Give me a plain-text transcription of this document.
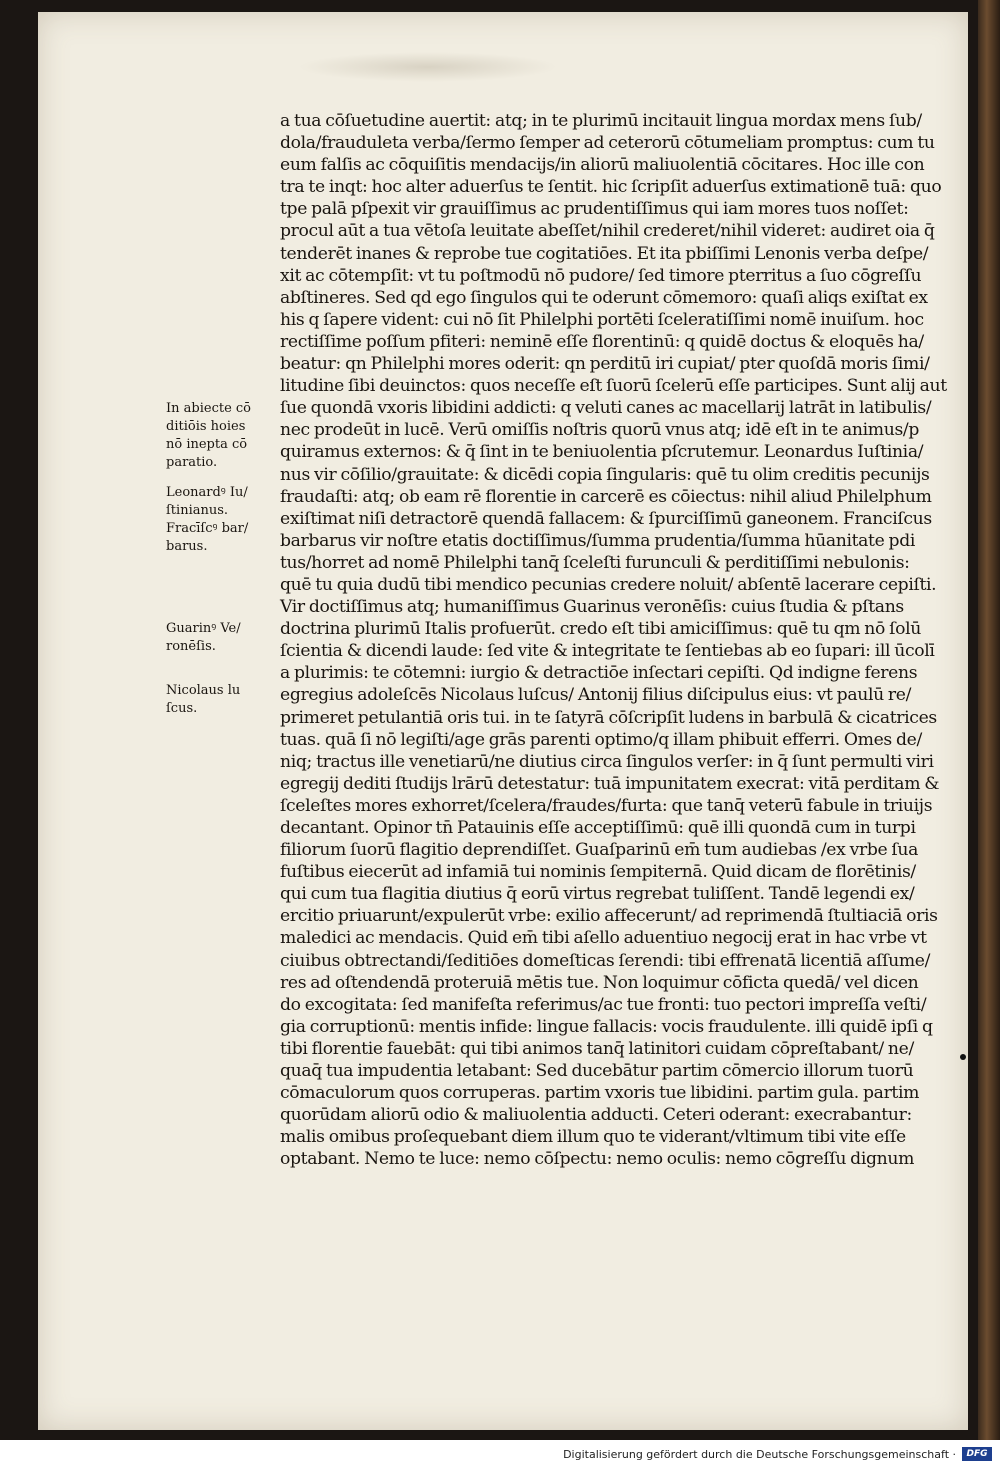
a tua cōſuetudine auertit: atq; in te plurimū incitauit lingua mordax mens ſub/
dola/frauduleta verba/ſermo ſemper ad ceterorū cōtumeliam promptus: cum tu
eum falſis ac cōquiſitis mendacijs/in aliorū maliuolentiā cōcitares. Hoc ille con
tra te inqt: hoc alter aduerſus te ſentit. hic ſcripſit aduerſus extimationē tuā: quo
tpe palā pſpexit vir grauiſſimus ac prudentiſſimus qui iam mores tuos noſſet:
procul aūt a tua vētoſa leuitate abeſſet/nihil crederet/nihil videret: audiret oia q̄
tenderēt inanes & reprobe tue cogitatiōes. Et ita pbiſſimi Lenonis verba deſpe/
xit ac cōtempſit: vt tu poſtmodū nō pudore/ ſed timore pterritus a ſuo cōgreſſu
abſtineres. Sed qd ego ſingulos qui te oderunt cōmemoro: quaſi aliqs exiſtat ex
his q ſapere vident: cui nō ſit Philelphi portēti ſceleratiſſimi nomē inuiſum. hoc
rectiſſime poſſum pfiteri: neminē eſſe florentinū: q quidē doctus & eloquēs ha/
beatur: qn Philelphi mores oderit: qn perditū iri cupiat/ pter quoſdā moris ſimi/
litudine ſibi deuinctos: quos neceſſe eſt ſuorū ſcelerū eſſe participes. Sunt alij aut
ſue quondā vxoris libidini addicti: q veluti canes ac macellarij latrāt in latibulis/
nec prodeūt in lucē. Verū omiſſis noſtris quorū vnus atq; idē eſt in te animus/p
quiramus externos: & q̄ ſint in te beniuolentia pſcrutemur. Leonardus Iuſtinia/
nus vir cōſilio/grauitate: & dicēdi copia ſingularis: quē tu olim creditis pecunijs
fraudaſti: atq; ob eam rē florentie in carcerē es cōiectus: nihil aliud Philelphum
exiſtimat niſi detractorē quendā fallacem: & ſpurciſſimū ganeonem. Franciſcus
barbarus vir noſtre etatis doctiſſimus/ſumma prudentia/ſumma hūanitate pdi
tus/horret ad nomē Philelphi tanq̄ ſceleſti furunculi & perditiſſimi nebulonis:
quē tu quia dudū tibi mendico pecunias credere noluit/ abſentē lacerare cepiſti.
Vir doctiſſimus atq; humaniſſimus Guarinus veronēſis: cuius ſtudia & pſtans
doctrina plurimū Italis profuerūt. credo eſt tibi amiciſſimus: quē tu qm nō ſolū
ſcientia & dicendi laude: ſed vite & integritate te ſentiebas ab eo ſupari: ill ūcolī
a plurimis: te cōtemni: iurgio & detractiōe inſectari cepiſti. Qd indigne ferens
egregius adoleſcēs Nicolaus luſcus/ Antonij filius diſcipulus eius: vt paulū re/
primeret petulantiā oris tui. in te ſatyrā cōſcripſit ludens in barbulā & cicatrices
tuas. quā ſi nō legiſti/age grās parenti optimo/q illam phibuit efferri. Omes de/
niq; tractus ille venetiarū/ne diutius circa ſingulos verſer: in q̄ ſunt permulti viri
egregij dediti ſtudijs lrārū detestatur: tuā impunitatem execrat: vitā perditam &
ſceleſtes mores exhorret/ſcelera/fraudes/furta: que tanq̄ veterū fabule in triuijs
decantant. Opinor tn̄ Patauinis eſſe acceptiſſimū: quē illi quondā cum in turpi
filiorum ſuorū flagitio deprendiſſet. Guaſparinū em̄ tum audiebas /ex vrbe ſua
fuſtibus eiecerūt ad infamiā tui nominis ſempiternā. Quid dicam de florētinis/
qui cum tua flagitia diutius q̄ eorū virtus regrebat tuliſſent. Tandē legendi ex/
ercitio priuarunt/expulerūt vrbe: exilio affecerunt/ ad reprimendā ſtultiaciā oris
maledici ac mendacis. Quid em̄ tibi aſello aduentiuo negocij erat in hac vrbe vt
ciuibus obtrectandi/ſeditiōes domeſticas ſerendi: tibi effrenatā licentiā aſſume/
res ad oſtendendā proteruiā mētis tue. Non loquimur cōficta quedā/ vel dicen
do excogitata: ſed manifeſta referimus/ac tue fronti: tuo pectori impreſſa veſti/
gia corruptionū: mentis infide: lingue fallacis: vocis fraudulente. illi quidē ipſi q
tibi florentie fauebāt: qui tibi animos tanq̄ latinitori cuidam cōpreſtabant/ ne/
quaq̄ tua impudentia letabant: Sed ducebātur partim cōmercio illorum tuorū
cōmaculorum quos corruperas. partim vxoris tue libidini. partim gula. partim
quorūdam aliorū odio & maliuolentia adducti. Ceteri oderant: execrabantur:
malis omibus proſequebant diem illum quo te viderant/vltimum tibi vite eſſe
optabant. Nemo te luce: nemo cōſpectu: nemo oculis: nemo cōgreſſu dignum
In abiecte cō
ditiōis hoies
nō inepta cō
paratio.
Leonardꝰ Iu/
ſtinianus.
Fracīſcꝰ bar/
barus.
Guarinꝰ Ve/
ronēſis.
Nicolaus lu
ſcus.
Digitalisierung gefördert durch die Deutsche Forschungsgemeinschaft ·	DFG
